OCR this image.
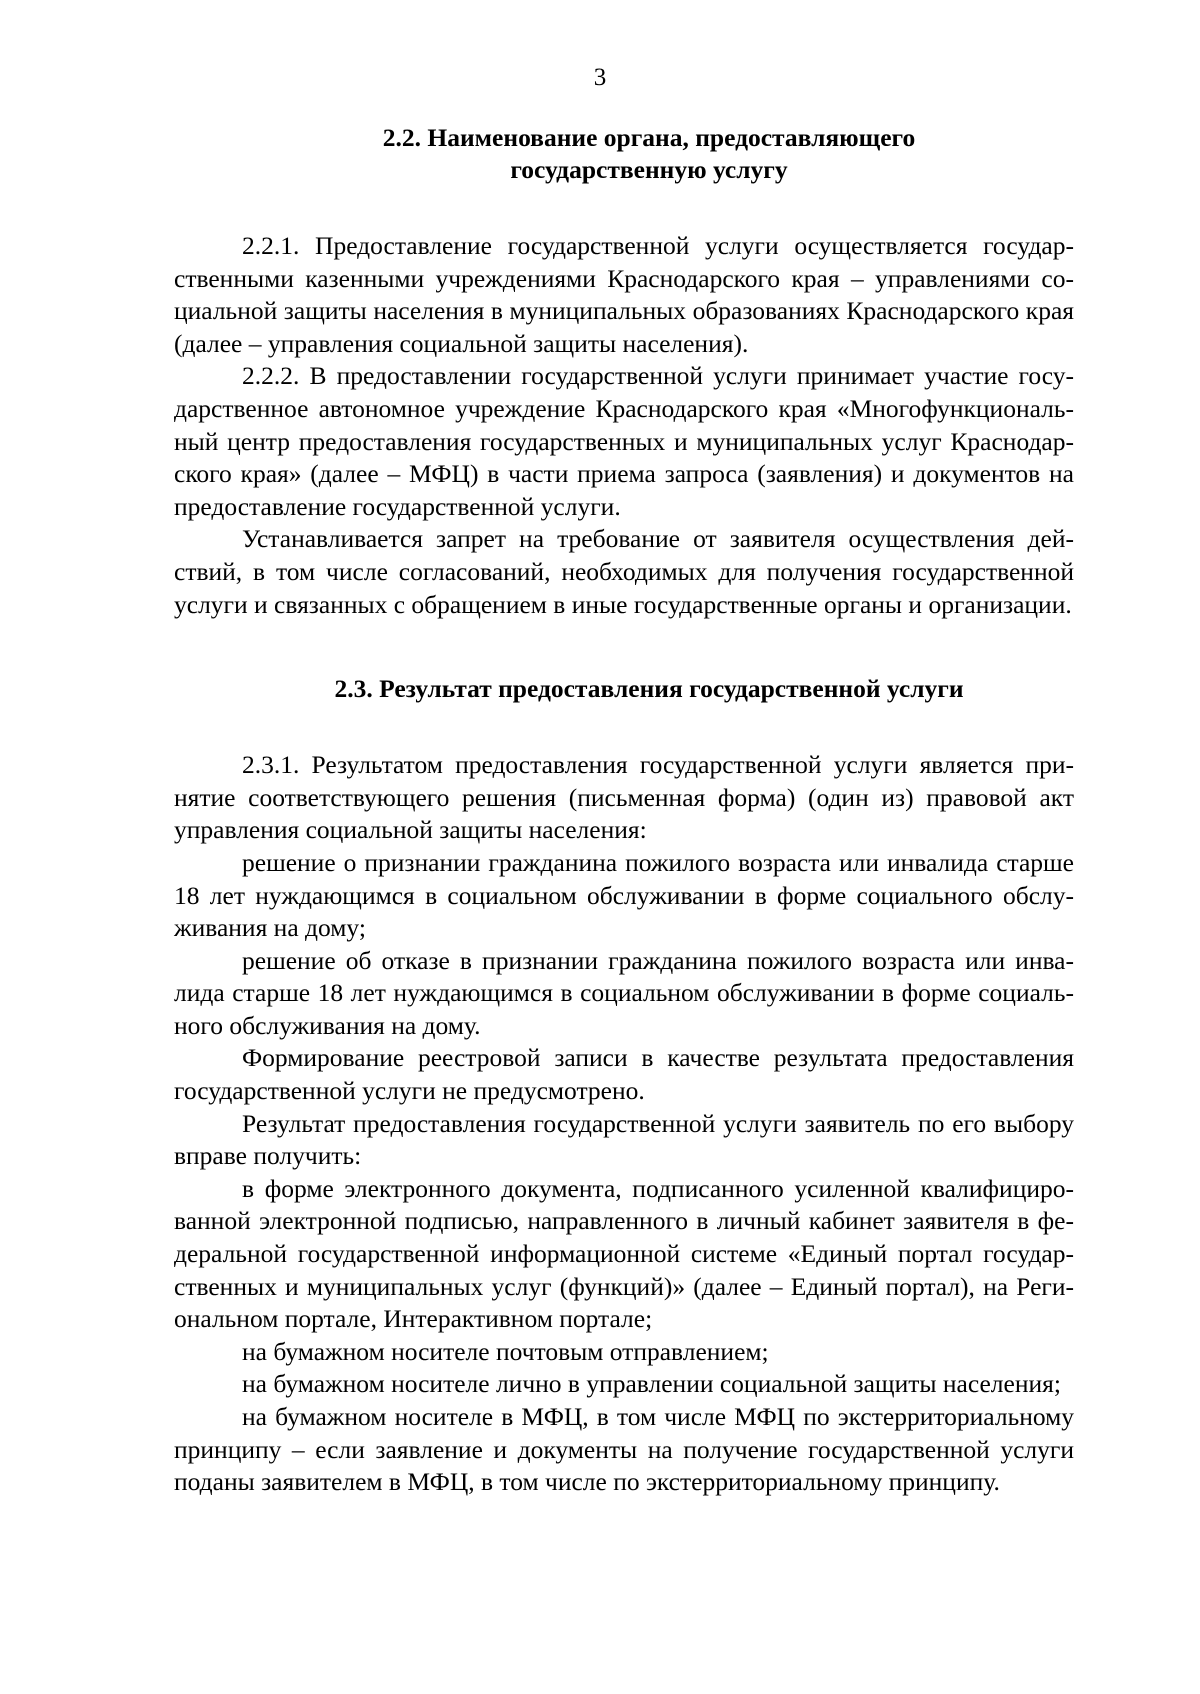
3
2.2. Наименование органа, предоставляющего
государственную услугу

2.2.1. Предоставление государственной услуги осуществляется государственными казенными учреждениями Краснодарского края – управлениями социальной защиты населения в муниципальных образованиях Краснодарского края (далее – управления социальной защиты населения).

2.2.2. В предоставлении государственной услуги принимает участие государственное автономное учреждение Краснодарского края «Многофункциональный центр предоставления государственных и муниципальных услуг Краснодарского края» (далее – МФЦ) в части приема запроса (заявления) и документов на предоставление государственной услуги.

Устанавливается запрет на требование от заявителя осуществления действий, в том числе согласований, необходимых для получения государственной услуги и связанных с обращением в иные государственные органы и организации.

2.3. Результат предоставления государственной услуги

2.3.1. Результатом предоставления государственной услуги является принятие соответствующего решения (письменная форма) (один из) правовой акт управления социальной защиты населения:

решение о признании гражданина пожилого возраста или инвалида старше 18 лет нуждающимся в социальном обслуживании в форме социального обслуживания на дому;

решение об отказе в признании гражданина пожилого возраста или инвалида старше 18 лет нуждающимся в социальном обслуживании в форме социального обслуживания на дому.

Формирование реестровой записи в качестве результата предоставления государственной услуги не предусмотрено.

Результат предоставления государственной услуги заявитель по его выбору вправе получить:

в форме электронного документа, подписанного усиленной квалифицированной электронной подписью, направленного в личный кабинет заявителя в федеральной государственной информационной системе «Единый портал государственных и муниципальных услуг (функций)» (далее – Единый портал), на Региональном портале, Интерактивном портале;

на бумажном носителе почтовым отправлением;

на бумажном носителе лично в управлении социальной защиты населения;

на бумажном носителе в МФЦ, в том числе МФЦ по экстерриториальному принципу – если заявление и документы на получение государственной услуги поданы заявителем в МФЦ, в том числе по экстерриториальному принципу.
